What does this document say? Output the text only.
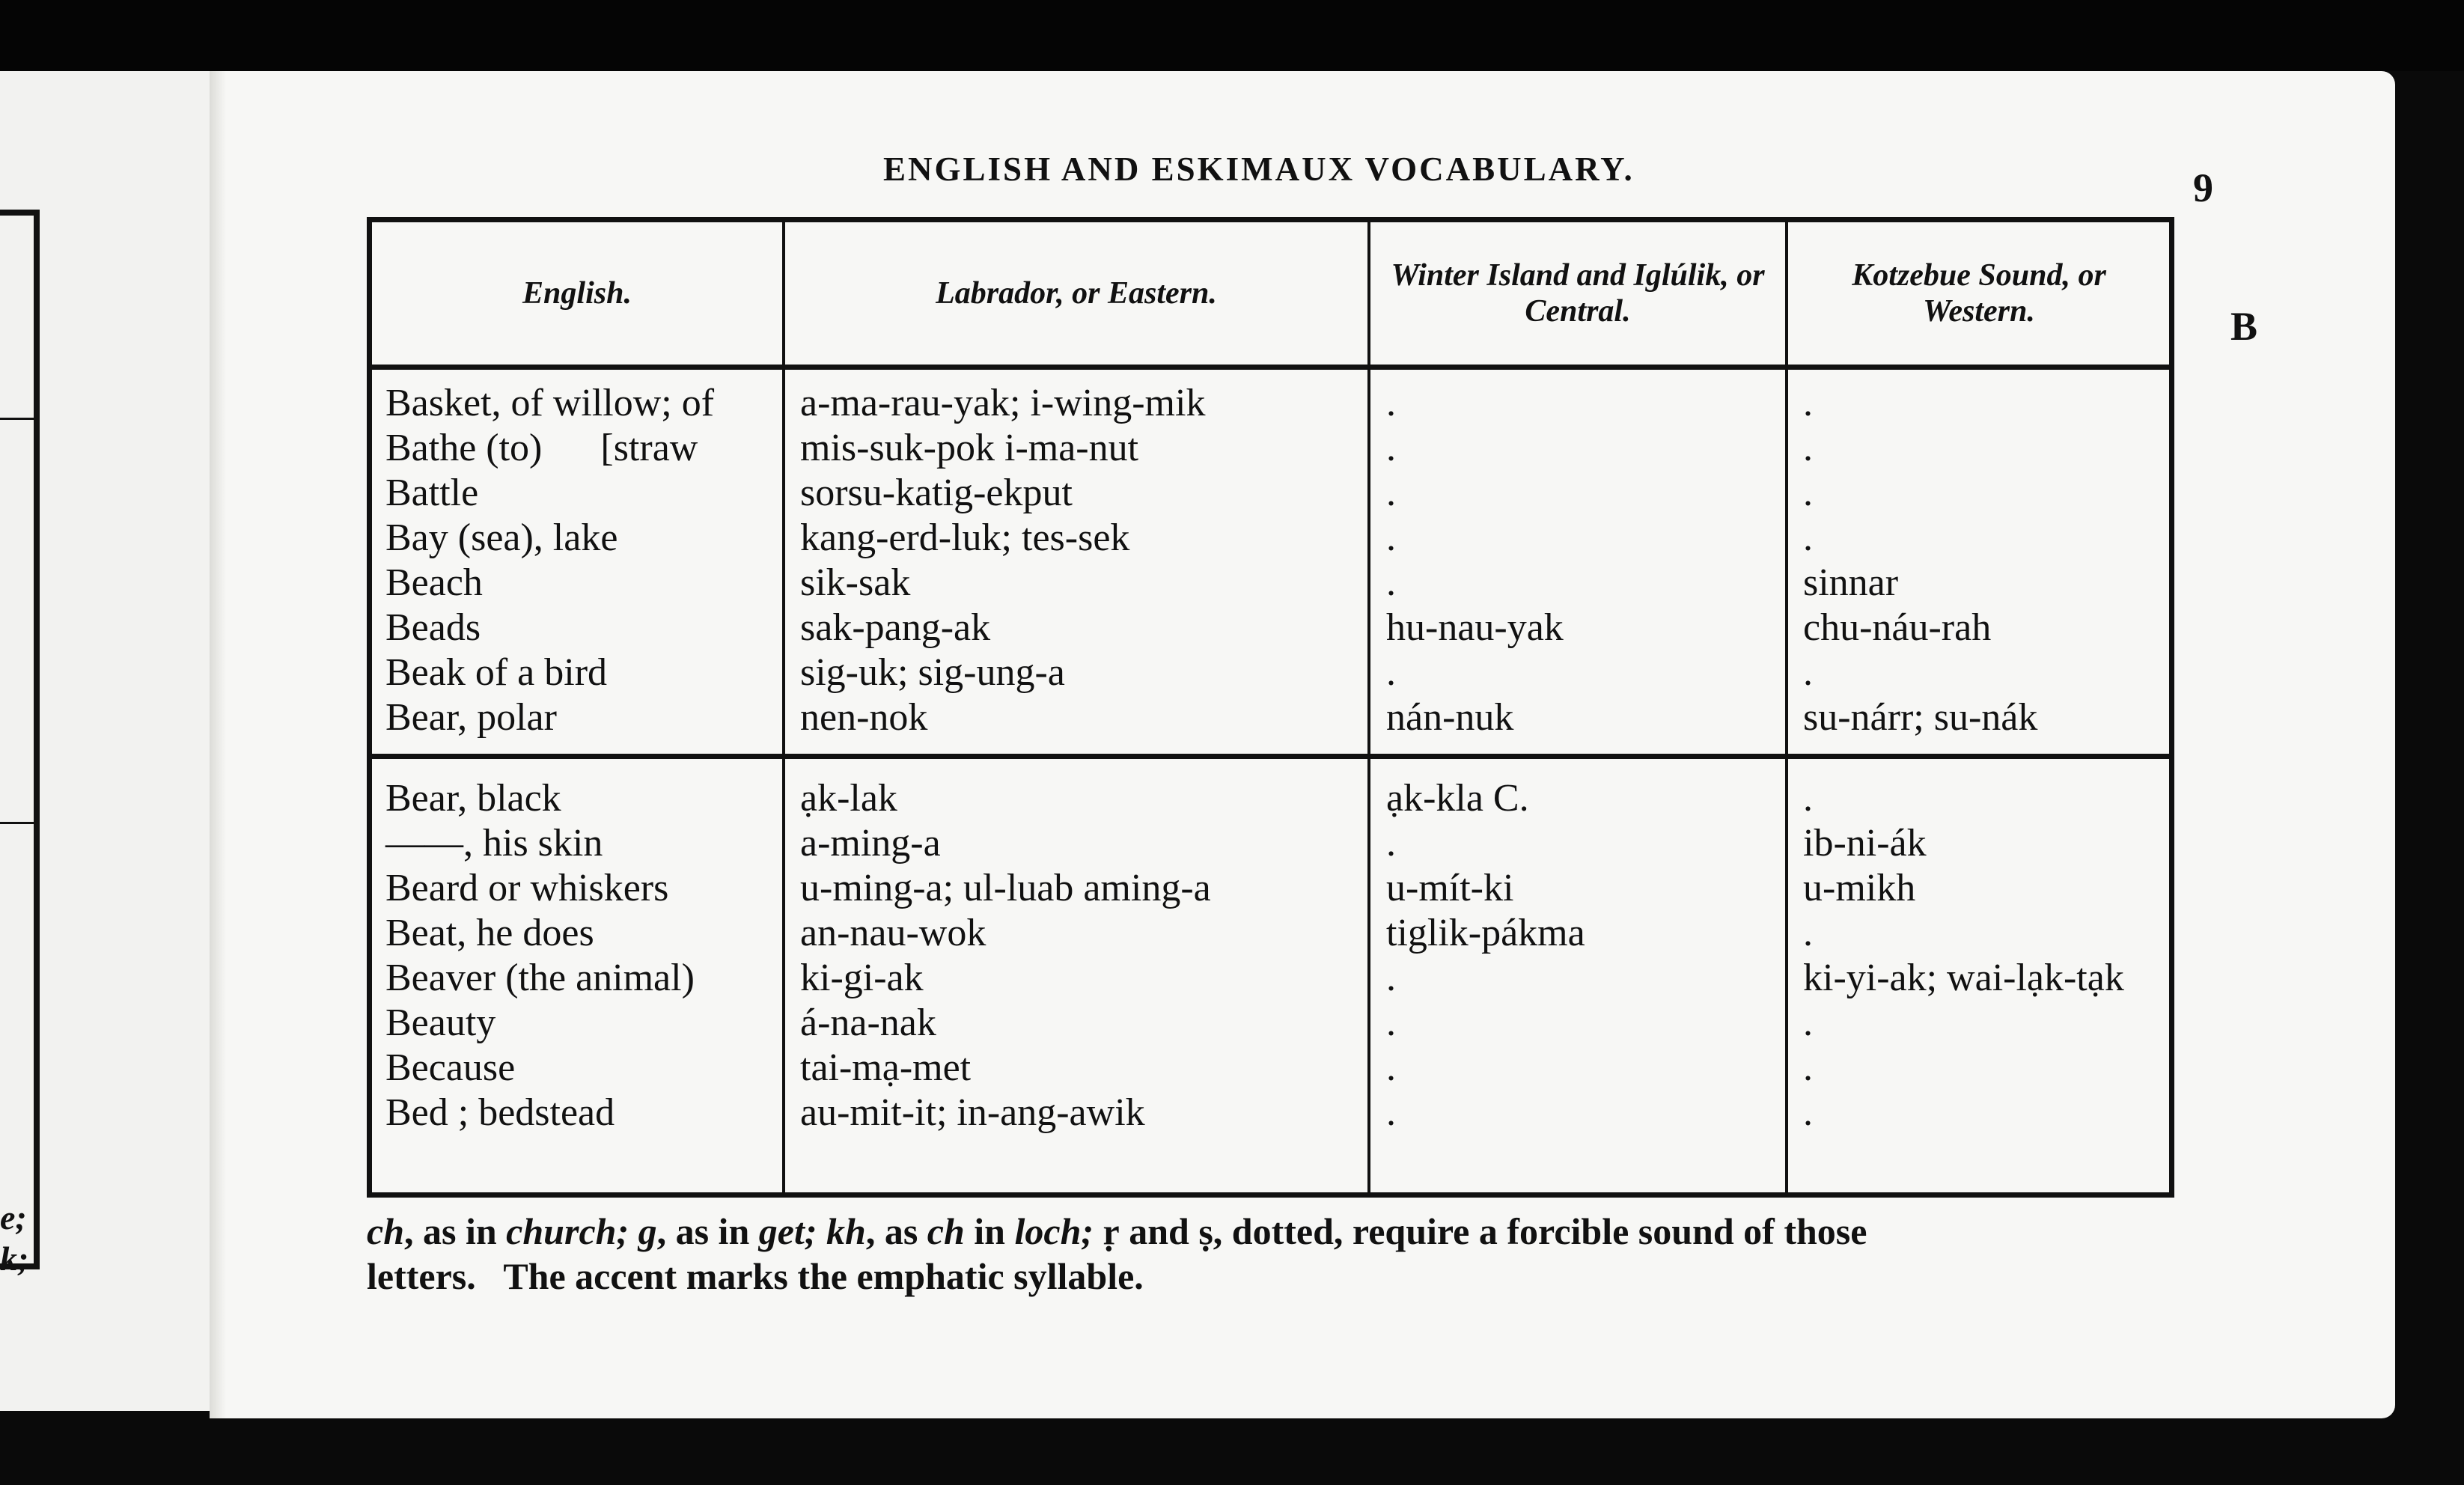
e;
k;
ENGLISH AND ESKIMAUX VOCABULARY.	9
B
English.	Labrador, or Eastern.
Winter Island and Iglúlik, or Central.
Kotzebue Sound, or Western.
Basket, of willow; of
Bathe (to)      [straw
Battle
Bay (sea), lake
Beach
Beads
Beak of a bird
Bear, polar
a-ma-rau-yak; i-wing-mik
mis-suk-pok i-ma-nut
sorsu-katig-ekput
kang-erd-luk; tes-sek
sik-sak
sak-pang-ak
sig-uk; sig-ung-a
nen-nok
.
.
.
.
.
hu-nau-yak
.
nán-nuk
.
.
.
.
sinnar
chu-náu-rah
.
su-nárr; su-nák
Bear, black
——, his skin
Beard or whiskers
Beat, he does
Beaver (the animal)
Beauty
Because
Bed ; bedstead
ạk-lak
a-ming-a
u-ming-a; ul-luab aming-a
an-nau-wok
ki-gi-ak
á-na-nak
tai-mạ-met
au-mit-it; in-ang-awik
ạk-kla C.
.
u-mít-ki
tiglik-pákma
.
.
.
.
.
ib-ni-ák
u-mikh
.
ki-yi-ak; wai-lạk-tạk
.
.
.
ch, as in church; g, as in get; kh, as ch in loch; ṛ and ṣ, dotted, require a forcible sound of those
letters.   The accent marks the emphatic syllable.
